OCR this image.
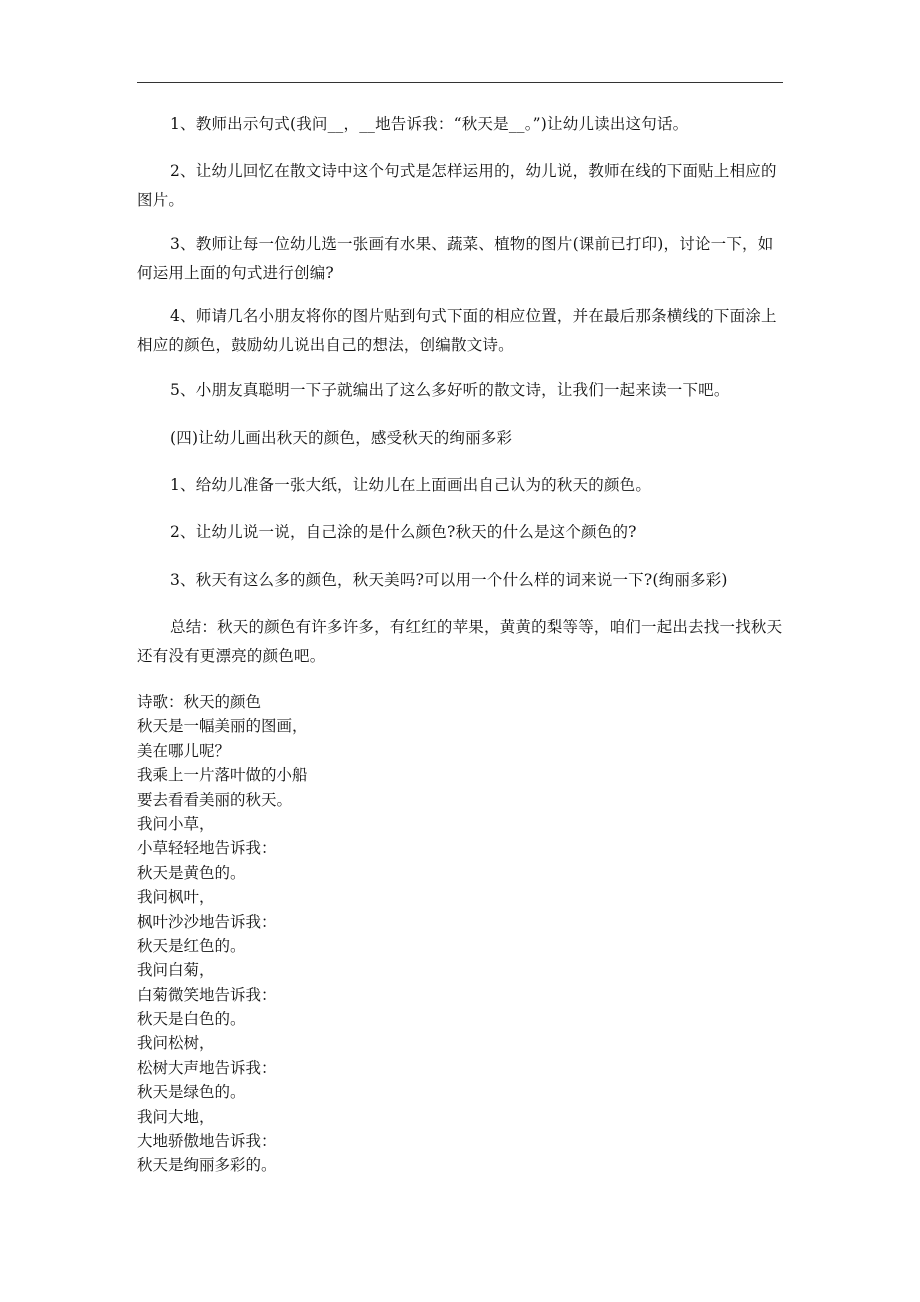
1、教师出示句式(我问__，__地告诉我：“秋天是__。”)让幼儿读出这句话。

2、让幼儿回忆在散文诗中这个句式是怎样运用的，幼儿说，教师在线的下面贴上相应的图片。

3、教师让每一位幼儿选一张画有水果、蔬菜、植物的图片(课前已打印)，讨论一下，如何运用上面的句式进行创编?

4、师请几名小朋友将你的图片贴到句式下面的相应位置，并在最后那条横线的下面涂上相应的颜色，鼓励幼儿说出自己的想法，创编散文诗。

5、小朋友真聪明一下子就编出了这么多好听的散文诗，让我们一起来读一下吧。

(四)让幼儿画出秋天的颜色，感受秋天的绚丽多彩

1、给幼儿准备一张大纸，让幼儿在上面画出自己认为的秋天的颜色。

2、让幼儿说一说，自己涂的是什么颜色?秋天的什么是这个颜色的?

3、秋天有这么多的颜色，秋天美吗?可以用一个什么样的词来说一下?(绚丽多彩)

总结：秋天的颜色有许多许多，有红红的苹果，黄黄的梨等等，咱们一起出去找一找秋天还有没有更漂亮的颜色吧。

诗歌：秋天的颜色
秋天是一幅美丽的图画，
美在哪儿呢？
我乘上一片落叶做的小船
要去看看美丽的秋天。
我问小草，
小草轻轻地告诉我：
秋天是黄色的。
我问枫叶，
枫叶沙沙地告诉我：
秋天是红色的。
我问白菊，
白菊微笑地告诉我：
秋天是白色的。
我问松树，
松树大声地告诉我：
秋天是绿色的。
我问大地，
大地骄傲地告诉我：
秋天是绚丽多彩的。
